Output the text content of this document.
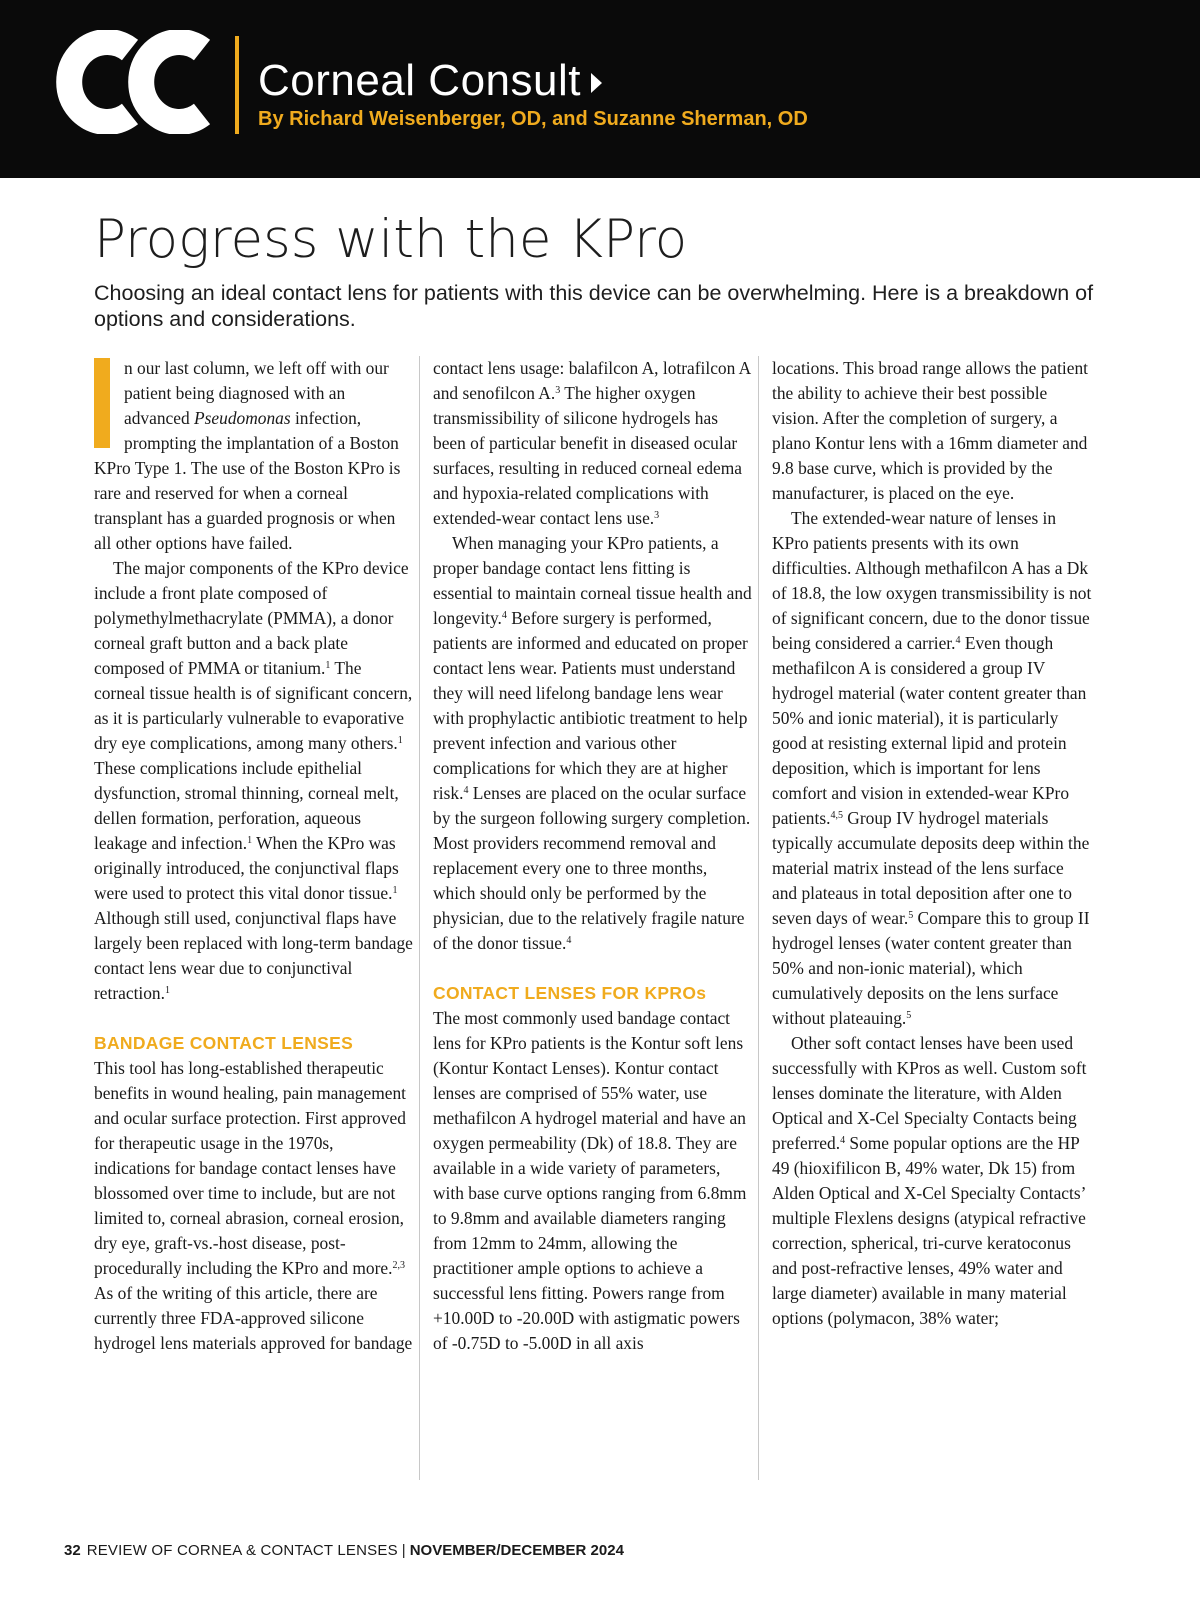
Corneal Consult
By Richard Weisenberger, OD, and Suzanne Sherman, OD
Progress with the KPro
Choosing an ideal contact lens for patients with this device can be overwhelming. Here is a breakdown of options and considerations.

n our last column, we left off with our patient being diagnosed with an advanced Pseudomonas infection, prompting the implantation of a Boston KPro Type 1. The use of the Boston KPro is rare and reserved for when a corneal transplant has a guarded prognosis or when all other options have failed.

The major components of the KPro device include a front plate composed of polymethylmethacrylate (PMMA), a donor corneal graft button and a back plate composed of PMMA or titanium.$^1$ The corneal tissue health is of significant concern, as it is particularly vulnerable to evaporative dry eye complications, among many others.$^1$ These complications include epithelial dysfunction, stromal thinning, corneal melt, dellen formation, perforation, aqueous leakage and infection.$^1$ When the KPro was originally introduced, the conjunctival flaps were used to protect this vital donor tissue.$^1$ Although still used, conjunctival flaps have largely been replaced with long-term bandage contact lens wear due to conjunctival retraction.$^1$

BANDAGE CONTACT LENSES

This tool has long-established therapeutic benefits in wound healing, pain management and ocular surface protection. First approved for therapeutic usage in the 1970s, indications for bandage contact lenses have blossomed over time to include, but are not limited to, corneal abrasion, corneal erosion, dry eye, graft-vs.-host disease, post-procedurally including the KPro and more.$^{2,3}$ As of the writing of this article, there are currently three FDA-approved silicone hydrogel lens materials approved for bandage

contact lens usage: balafilcon A, lotrafilcon A and senofilcon A.$^3$ The higher oxygen transmissibility of silicone hydrogels has been of particular benefit in diseased ocular surfaces, resulting in reduced corneal edema and hypoxia-related complications with extended-wear contact lens use.$^3$

When managing your KPro patients, a proper bandage contact lens fitting is essential to maintain corneal tissue health and longevity.$^4$ Before surgery is performed, patients are informed and educated on proper contact lens wear. Patients must understand they will need lifelong bandage lens wear with prophylactic antibiotic treatment to help prevent infection and various other complications for which they are at higher risk.$^4$ Lenses are placed on the ocular surface by the surgeon following surgery completion. Most providers recommend removal and replacement every one to three months, which should only be performed by the physician, due to the relatively fragile nature of the donor tissue.$^4$

CONTACT LENSES FOR KPROs

The most commonly used bandage contact lens for KPro patients is the Kontur soft lens (Kontur Kontact Lenses). Kontur contact lenses are comprised of 55% water, use methafilcon A hydrogel material and have an oxygen permeability (Dk) of 18.8. They are available in a wide variety of parameters, with base curve options ranging from 6.8mm to 9.8mm and available diameters ranging from 12mm to 24mm, allowing the practitioner ample options to achieve a successful lens fitting. Powers range from +10.00D to -20.00D with astigmatic powers of -0.75D to -5.00D in all axis

locations. This broad range allows the patient the ability to achieve their best possible vision. After the completion of surgery, a plano Kontur lens with a 16mm diameter and 9.8 base curve, which is provided by the manufacturer, is placed on the eye.

The extended-wear nature of lenses in KPro patients presents with its own difficulties. Although methafilcon A has a Dk of 18.8, the low oxygen transmissibility is not of significant concern, due to the donor tissue being considered a carrier.$^4$ Even though methafilcon A is considered a group IV hydrogel material (water content greater than 50% and ionic material), it is particularly good at resisting external lipid and protein deposition, which is important for lens comfort and vision in extended-wear KPro patients.$^{4,5}$ Group IV hydrogel materials typically accumulate deposits deep within the material matrix instead of the lens surface and plateaus in total deposition after one to seven days of wear.$^5$ Compare this to group II hydrogel lenses (water content greater than 50% and non-ionic material), which cumulatively deposits on the lens surface without plateauing.$^5$

Other soft contact lenses have been used successfully with KPros as well. Custom soft lenses dominate the literature, with Alden Optical and X-Cel Specialty Contacts being preferred.$^4$ Some popular options are the HP 49 (hioxifilicon B, 49% water, Dk 15) from Alden Optical and X-Cel Specialty Contacts’ multiple Flexlens designs (atypical refractive correction, spherical, tri-curve keratoconus and post-refractive lenses, 49% water and large diameter) available in many material options (polymacon, 38% water;

32 REVIEW OF CORNEA & CONTACT LENSES | NOVEMBER/DECEMBER 2024
